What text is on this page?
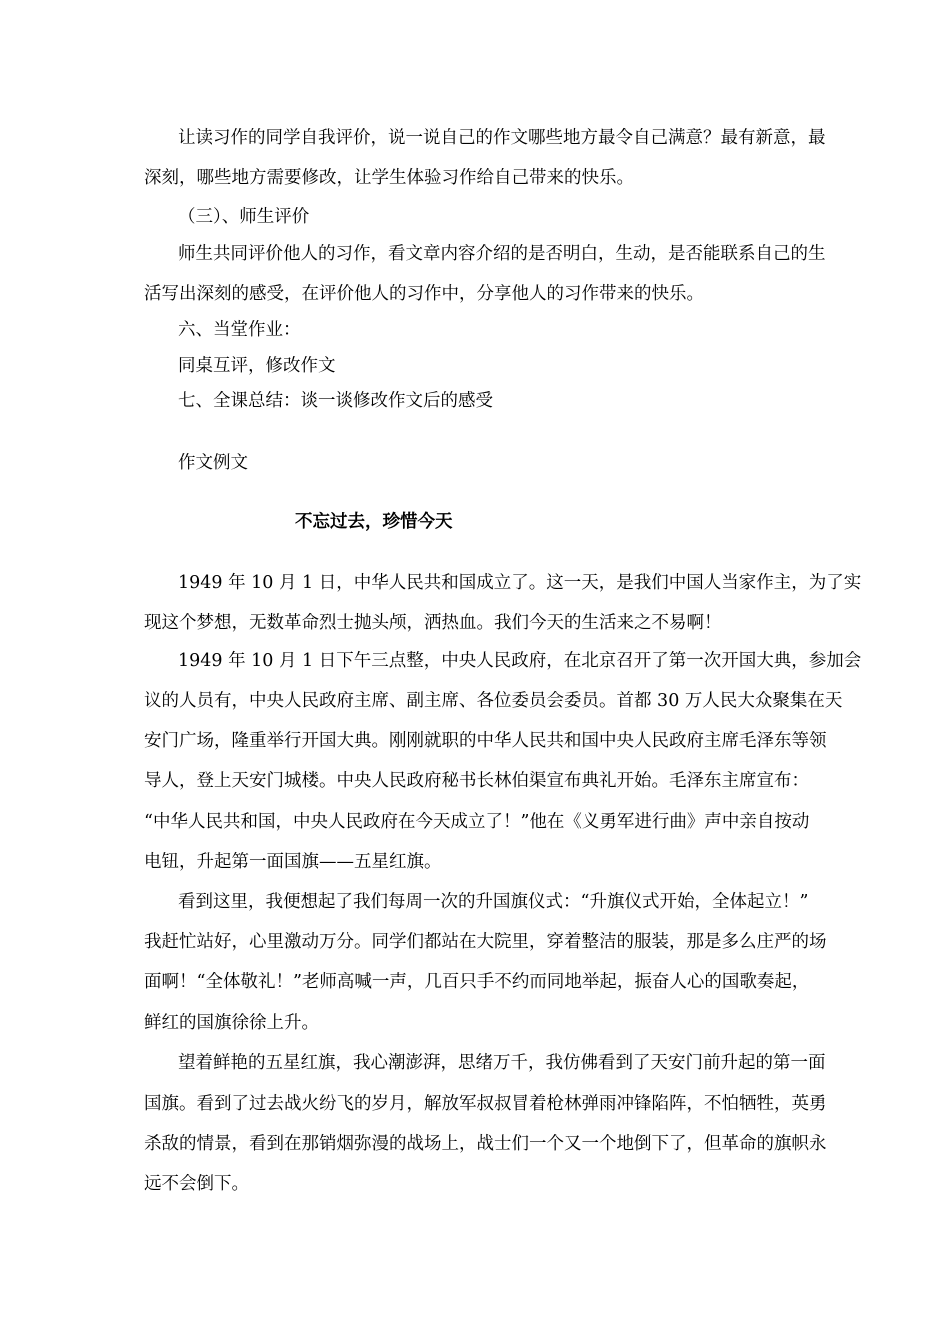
让读习作的同学自我评价，说一说自己的作文哪些地方最令自己满意？最有新意，最
深刻，哪些地方需要修改，让学生体验习作给自己带来的快乐。
（三）、师生评价
师生共同评价他人的习作，看文章内容介绍的是否明白，生动，是否能联系自己的生
活写出深刻的感受，在评价他人的习作中，分享他人的习作带来的快乐。
六、当堂作业：
同桌互评，修改作文
七、全课总结：谈一谈修改作文后的感受
作文例文
不忘过去，珍惜今天
1949 年 10 月 1 日，中华人民共和国成立了。这一天，是我们中国人当家作主，为了实
现这个梦想，无数革命烈士抛头颅，洒热血。我们今天的生活来之不易啊！
1949 年 10 月 1 日下午三点整，中央人民政府，在北京召开了第一次开国大典，参加会
议的人员有，中央人民政府主席、副主席、各位委员会委员。首都 30 万人民大众聚集在天
安门广场，隆重举行开国大典。刚刚就职的中华人民共和国中央人民政府主席毛泽东等领
导人，登上天安门城楼。中央人民政府秘书长林伯渠宣布典礼开始。毛泽东主席宣布：
“中华人民共和国，中央人民政府在今天成立了！”他在《义勇军进行曲》声中亲自按动
电钮，升起第一面国旗——五星红旗。
看到这里，我便想起了我们每周一次的升国旗仪式：“升旗仪式开始，全体起立！”
我赶忙站好，心里激动万分。同学们都站在大院里，穿着整洁的服装，那是多么庄严的场
面啊！“全体敬礼！”老师高喊一声，几百只手不约而同地举起，振奋人心的国歌奏起，
鲜红的国旗徐徐上升。
望着鲜艳的五星红旗，我心潮澎湃，思绪万千，我仿佛看到了天安门前升起的第一面
国旗。看到了过去战火纷飞的岁月，解放军叔叔冒着枪林弹雨冲锋陷阵，不怕牺牲，英勇
杀敌的情景，看到在那销烟弥漫的战场上，战士们一个又一个地倒下了，但革命的旗帜永
远不会倒下。
